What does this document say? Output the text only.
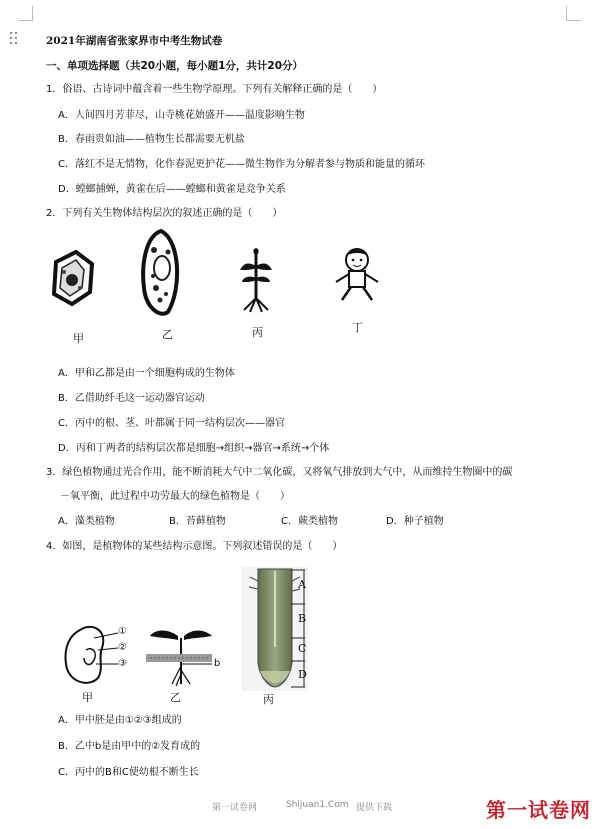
2021年湖南省张家界市中考生物试卷
一、单项选择题（共20小题，每小题1分，共计20分）
1．俗语、古诗词中蕴含着一些生物学原理。下列有关解释正确的是（　　）
A．人间四月芳菲尽，山寺桃花始盛开——温度影响生物
B．春雨贵如油——植物生长都需要无机盐
C．落红不是无情物，化作春泥更护花——微生物作为分解者参与物质和能量的循环
D．螳螂捕蝉，黄雀在后——螳螂和黄雀是竞争关系
2．下列有关生物体结构层次的叙述正确的是（　　）
甲	乙	丙	丁
A．甲和乙都是由一个细胞构成的生物体
B．乙借助纤毛这一运动器官运动
C．丙中的根、茎、叶都属于同一结构层次——器官
D．丙和丁两者的结构层次都是细胞→组织→器官→系统→个体
3．绿色植物通过光合作用，能不断消耗大气中二氧化碳，又将氧气排放到大气中，从而维持生物圈中的碳
－氧平衡，此过程中功劳最大的绿色植物是（　　）
A．藻类植物	B．苔藓植物	C．蕨类植物	D．种子植物
4．如图，是植物体的某些结构示意图。下列叙述错误的是（　　）
①
②
③	b
A
B
C
D
甲	乙	丙
A．甲中胚是由①②③组成的
B．乙中b是由甲中的②发育成的
C．丙中的B和C使幼根不断生长
第一试卷网	Shijuan1.Com 提供下载	第一试卷网
